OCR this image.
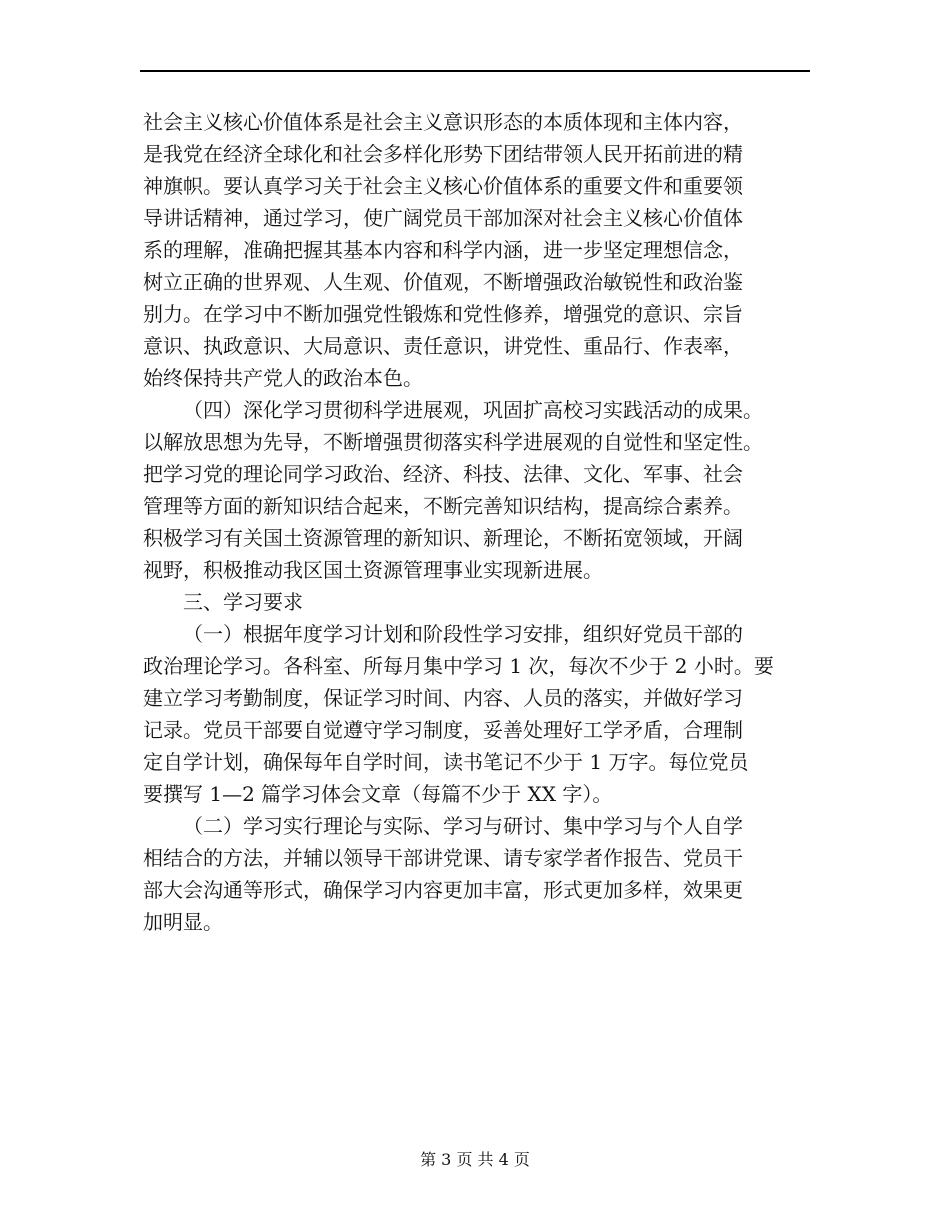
社会主义核心价值体系是社会主义意识形态的本质体现和主体内容，
是我党在经济全球化和社会多样化形势下团结带领人民开拓前进的精
神旗帜。要认真学习关于社会主义核心价值体系的重要文件和重要领
导讲话精神，通过学习，使广阔党员干部加深对社会主义核心价值体
系的理解，准确把握其基本内容和科学内涵，进一步坚定理想信念，
树立正确的世界观、人生观、价值观，不断增强政治敏锐性和政治鉴
别力。在学习中不断加强党性锻炼和党性修养，增强党的意识、宗旨
意识、执政意识、大局意识、责任意识，讲党性、重品行、作表率，
始终保持共产党人的政治本色。
（四）深化学习贯彻科学进展观，巩固扩高校习实践活动的成果。
以解放思想为先导，不断增强贯彻落实科学进展观的自觉性和坚定性。
把学习党的理论同学习政治、经济、科技、法律、文化、军事、社会
管理等方面的新知识结合起来，不断完善知识结构，提高综合素养。
积极学习有关国土资源管理的新知识、新理论，不断拓宽领域，开阔
视野，积极推动我区国土资源管理事业实现新进展。
三、学习要求
（一）根据年度学习计划和阶段性学习安排，组织好党员干部的
政治理论学习。各科室、所每月集中学习 1 次，每次不少于 2 小时。要
建立学习考勤制度，保证学习时间、内容、人员的落实，并做好学习
记录。党员干部要自觉遵守学习制度，妥善处理好工学矛盾，合理制
定自学计划，确保每年自学时间，读书笔记不少于 1 万字。每位党员
要撰写 1—2 篇学习体会文章（每篇不少于 XX 字）。
（二）学习实行理论与实际、学习与研讨、集中学习与个人自学
相结合的方法，并辅以领导干部讲党课、请专家学者作报告、党员干
部大会沟通等形式，确保学习内容更加丰富，形式更加多样，效果更
加明显。
第 3 页 共 4 页
